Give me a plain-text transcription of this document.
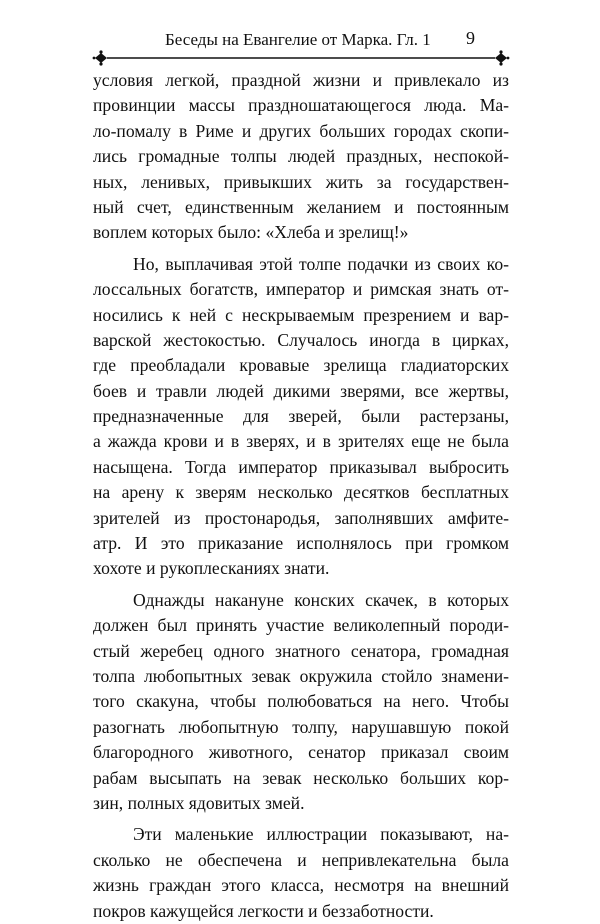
Беседы на Евангелие от Марка. Гл. 1 9
условия легкой, праздной жизни и привлекало из
провинции массы праздношатающегося люда. Ма-
ло-помалу в Риме и других больших городах скопи-
лись громадные толпы людей праздных, неспокой-
ных, ленивых, привыкших жить за государствен-
ный счет, единственным желанием и постоянным
воплем которых было: «Хлеба и зрелищ!»
Но, выплачивая этой толпе подачки из своих ко-
лоссальных богатств, император и римская знать от-
носились к ней с нескрываемым презрением и вар-
варской жестокостью. Случалось иногда в цирках,
где преобладали кровавые зрелища гладиаторских
боев и травли людей дикими зверями, все жертвы,
предназначенные для зверей, были растерзаны,
а жажда крови и в зверях, и в зрителях еще не была
насыщена. Тогда император приказывал выбросить
на арену к зверям несколько десятков бесплатных
зрителей из простонародья, заполнявших амфите-
атр. И это приказание исполнялось при громком
хохоте и рукоплесканиях знати.
Однажды накануне конских скачек, в которых
должен был принять участие великолепный породи-
стый жеребец одного знатного сенатора, громадная
толпа любопытных зевак окружила стойло знамени-
того скакуна, чтобы полюбоваться на него. Чтобы
разогнать любопытную толпу, нарушавшую покой
благородного животного, сенатор приказал своим
рабам высыпать на зевак несколько больших кор-
зин, полных ядовитых змей.
Эти маленькие иллюстрации показывают, на-
сколько не обеспечена и непривлекательна была
жизнь граждан этого класса, несмотря на внешний
покров кажущейся легкости и беззаботности.
